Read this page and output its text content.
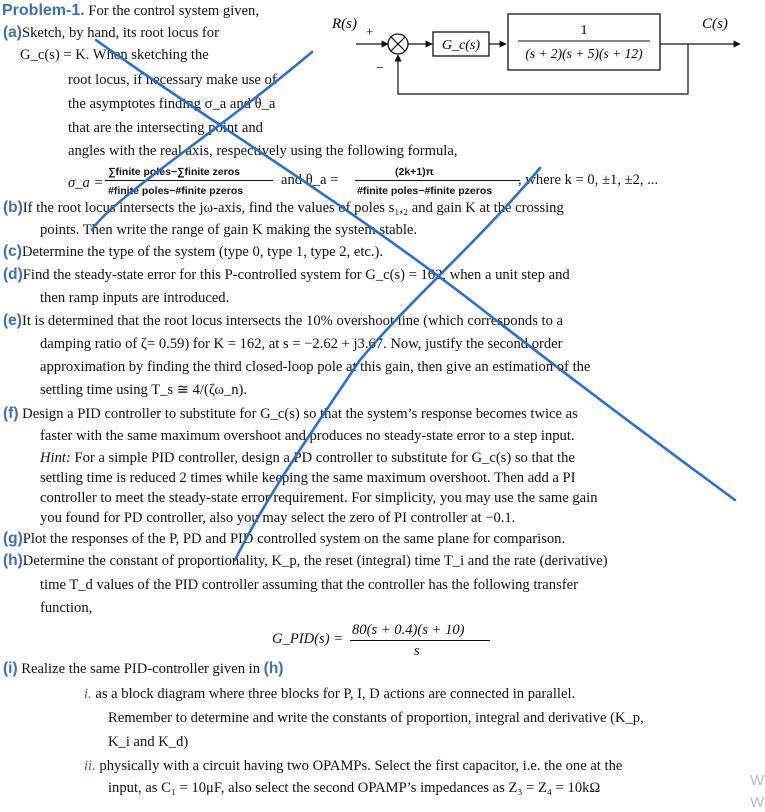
Problem-1. For the control system given,
R(s) +
−
G_c(s)
1
(s + 2)(s + 5)(s + 12)
C(s)
(a)Sketch, by hand, its root locus for
G_c(s) = K. When sketching the
root locus, if necessary make use of
the asymptotes finding σ_a and θ_a
that are the intersecting point and
angles with the real axis, respectively using the following formula,
σ_a =
∑finite poles−∑finite zeros
#finite poles−#finite pzeros
and θ_a =	(2k+1)π
#finite poles−#finite pzeros
, where k = 0, ±1, ±2, ...
(b)If the root locus intersects the jω-axis, find the values of poles s₁,₂ and gain K at the crossing
points. Then write the range of gain K making the system stable.
(c)Determine the type of the system (type 0, type 1, type 2, etc.).
(d)Find the steady-state error for this P-controlled system for G_c(s) = 162, when a unit step and
then ramp inputs are introduced.
(e)It is determined that the root locus intersects the 10% overshoot line (which corresponds to a
damping ratio of ζ= 0.59) for K = 162, at s = −2.62 + j3.67. Now, justify the second order
approximation by finding the third closed-loop pole at this gain, then give an estimation of the
settling time using T_s ≅ 4/(ζω_n).
(f) Design a PID controller to substitute for G_c(s) so that the system’s response becomes twice as
faster with the same maximum overshoot and produces no steady-state error to a step input.
Hint: For a simple PID controller, design a PD controller to substitute for G_c(s) so that the
settling time is reduced 2 times while keeping the same maximum overshoot. Then add a PI
controller to meet the steady-state error requirement. For simplicity, you may use the same gain
you found for PD controller, also you may select the zero of PI controller at −0.1.
(g)Plot the responses of the P, PD and PID controlled system on the same plane for comparison.
(h)Determine the constant of proportionality, K_p, the reset (integral) time T_i and the rate (derivative)
time T_d values of the PID controller assuming that the controller has the following transfer
function,
G_PID(s) =
80(s + 0.4)(s + 10)
s
(i) Realize the same PID-controller given in (h)
i. as a block diagram where three blocks for P, I, D actions are connected in parallel.
Remember to determine and write the constants of proportion, integral and derivative (K_p,
K_i and K_d)
ii. physically with a circuit having two OPAMPs. Select the first capacitor, i.e. the one at the
input, as C₁ = 10μF, also select the second OPAMP’s impedances as Z₃ = Z₄ = 10kΩ	W
W
